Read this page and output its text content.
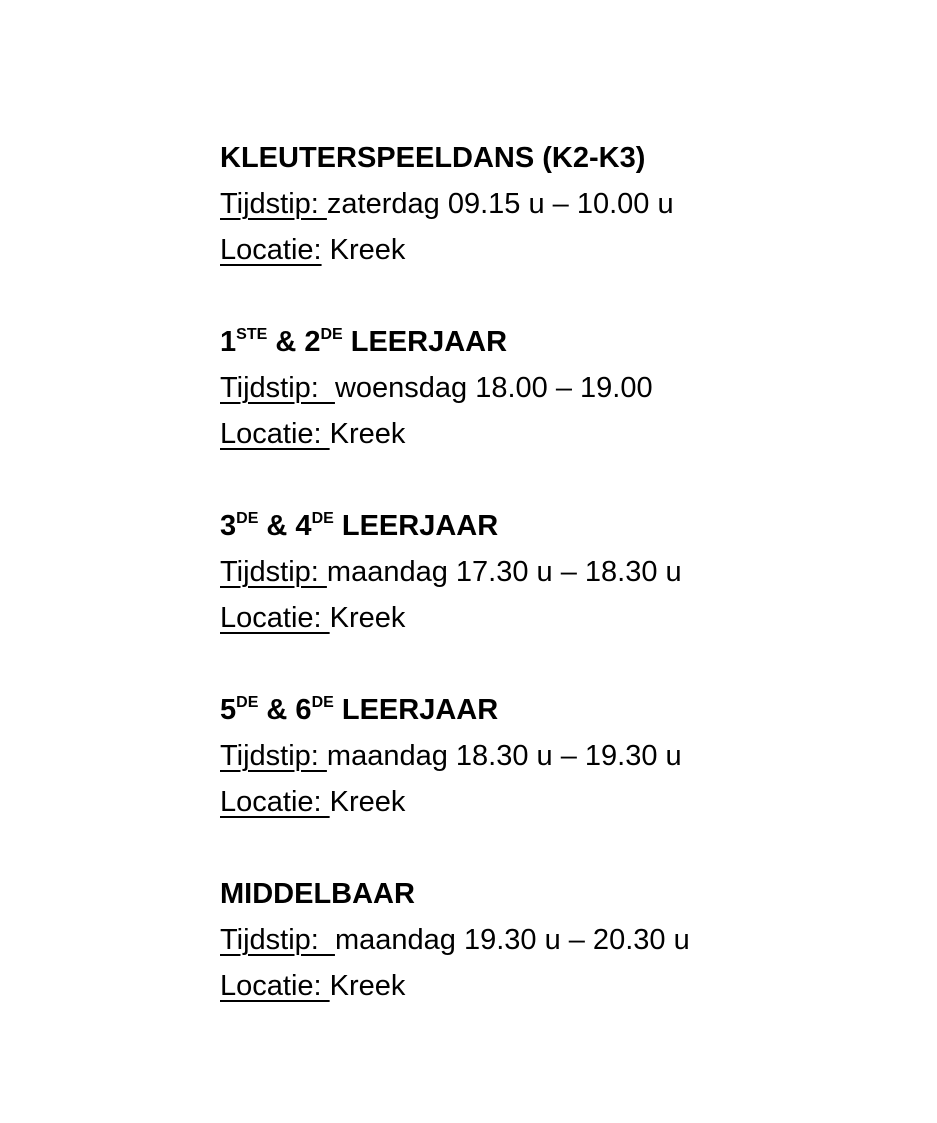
KLEUTERSPEELDANS (K2-K3)
Tijdstip: zaterdag 09.15 u – 10.00 u
Locatie: Kreek
1STE & 2DE LEERJAAR
Tijdstip:  woensdag 18.00 – 19.00
Locatie: Kreek
3DE & 4DE LEERJAAR
Tijdstip: maandag 17.30 u – 18.30 u
Locatie: Kreek
5DE & 6DE LEERJAAR
Tijdstip: maandag 18.30 u – 19.30 u
Locatie: Kreek
MIDDELBAAR
Tijdstip:  maandag 19.30 u – 20.30 u
Locatie: Kreek
